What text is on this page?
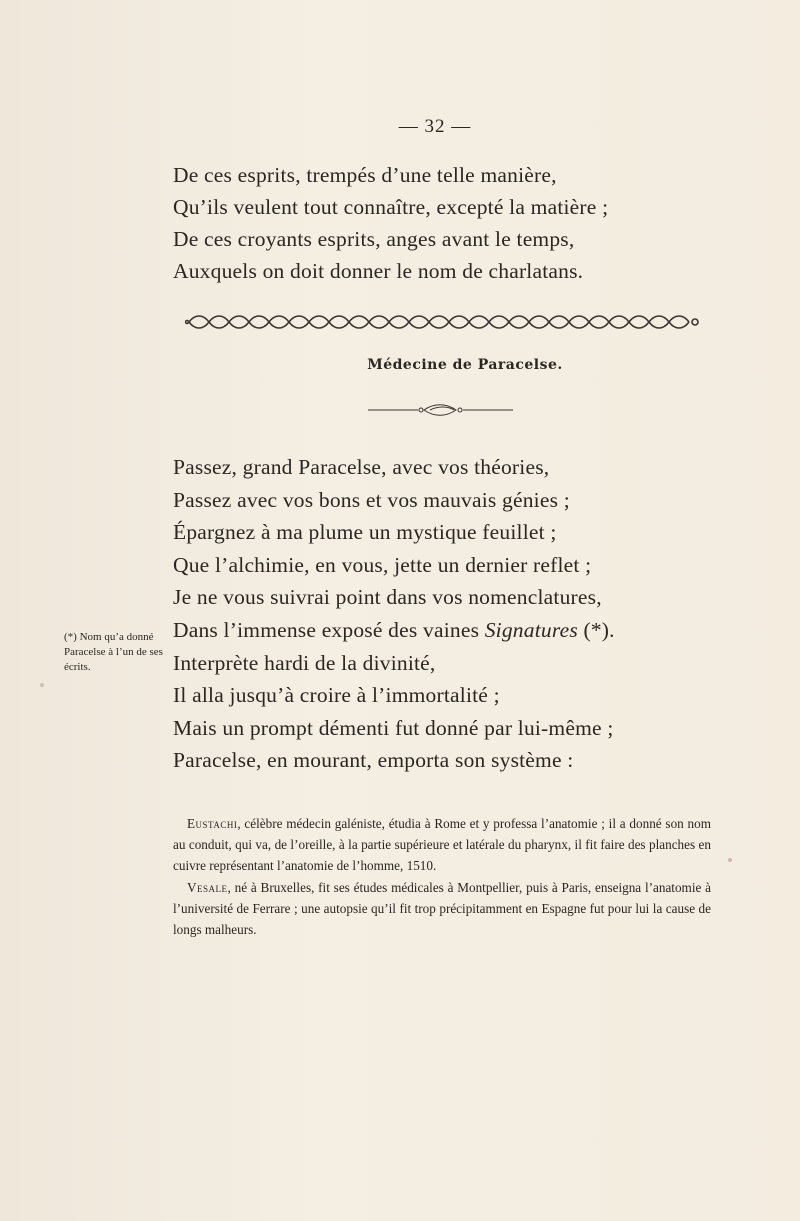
— 32 —
De ces esprits, trempés d’une telle manière,
Qu’ils veulent tout connaître, excepté la matière ;
De ces croyants esprits, anges avant le temps,
Auxquels on doit donner le nom de charlatans.
Médecine de Paracelse.
Passez, grand Paracelse, avec vos théories,
Passez avec vos bons et vos mauvais génies ;
Épargnez à ma plume un mystique feuillet ;
Que l’alchimie, en vous, jette un dernier reflet ;
Je ne vous suivrai point dans vos nomenclatures,
Dans l’immense exposé des vaines Signatures (*).
Interprète hardi de la divinité,
Il alla jusqu’à croire à l’immortalité ;
Mais un prompt démenti fut donné par lui-même ;
Paracelse, en mourant, emporta son système :
(*) Nom qu’a donné Paracelse à l’un de ses écrits.

Eustachi, célèbre médecin galéniste, étudia à Rome et y professa l’anatomie ; il a donné son nom au conduit, qui va, de l’oreille, à la partie supérieure et latérale du pharynx, il fit faire des planches en cuivre représentant l’anatomie de l’homme, 1510.

Vesale, né à Bruxelles, fit ses études médicales à Montpellier, puis à Paris, enseigna l’anatomie à l’université de Ferrare ; une autopsie qu’il fit trop précipitamment en Espagne fut pour lui la cause de longs malheurs.
